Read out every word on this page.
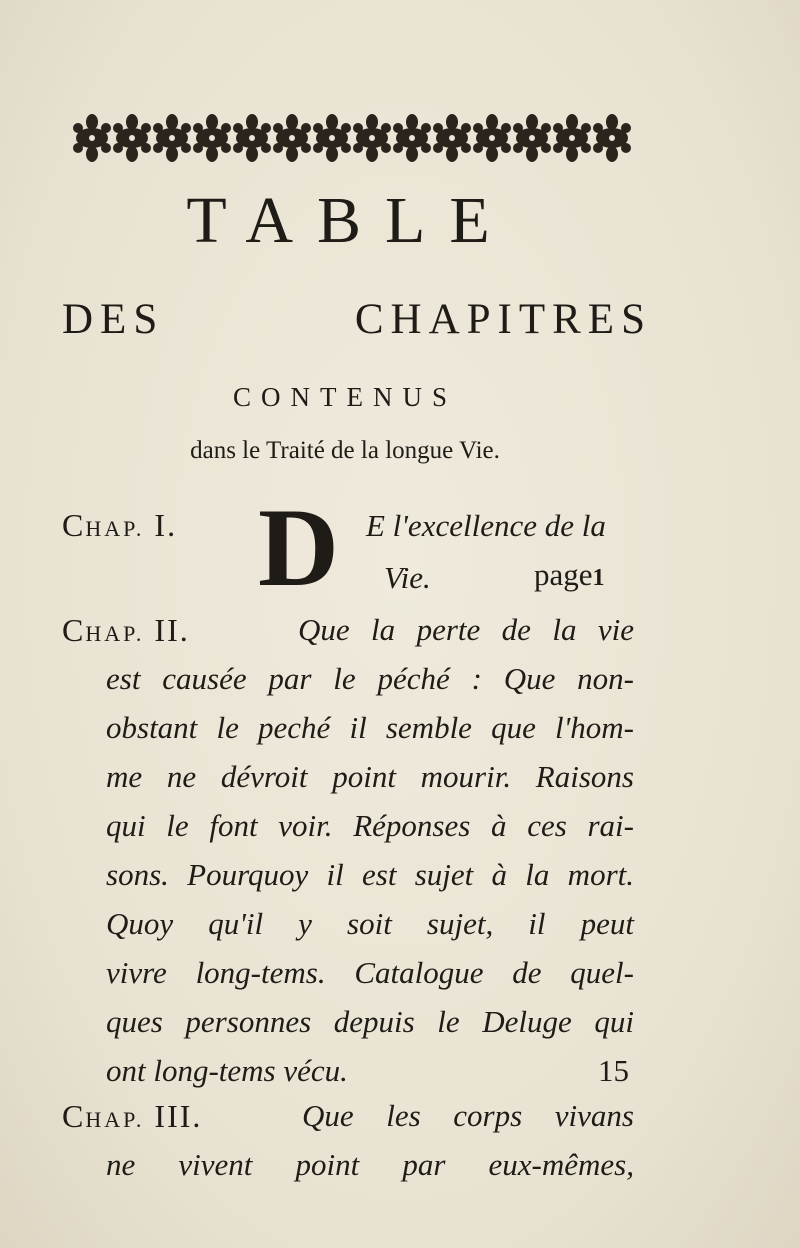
TABLE
DES CHAPITRES
CONTENUS
dans le Traité de la longue Vie.
CHAP. I. D E l'excellence de la
Vie.	page1
CHAP. II.	Que la perte de la vie
est causée par le péché : Que non-
obstant le peché il semble que l'hom-
me ne dévroit point mourir. Raisons
qui le font voir. Réponses à ces rai-
sons. Pourquoy il est sujet à la mort.
Quoy qu'il y soit sujet, il peut
vivre long-tems. Catalogue de quel-
ques personnes depuis le Deluge qui
ont long-tems vécu.	15
CHAP. III.	Que les corps vivans
ne vivent point par eux-mêmes,
